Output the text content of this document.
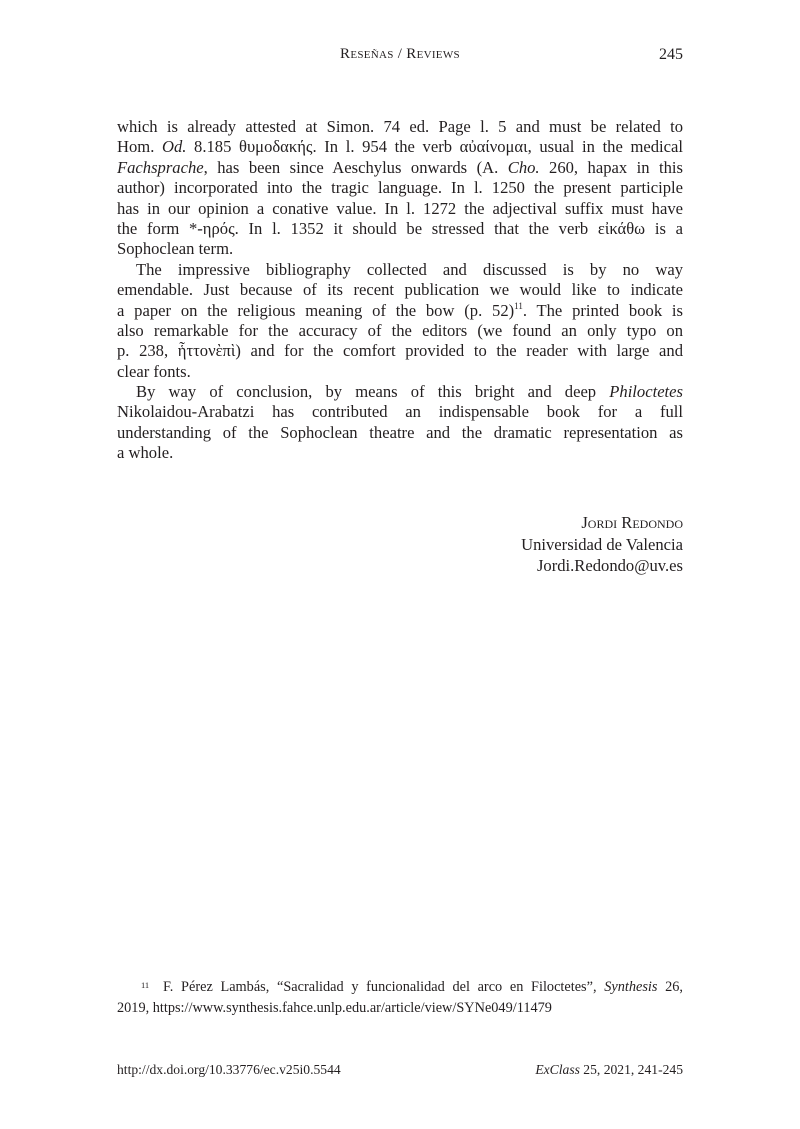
Reseñas / Reviews	245
which is already attested at Simon. 74 ed. Page l. 5 and must be related to
Hom. Od. 8.185 θυμοδακής. In l. 954 the verb αὐαίνομαι, usual in the medical
Fachsprache, has been since Aeschylus onwards (A. Cho. 260, hapax in this
author) incorporated into the tragic language. In l. 1250 the present participle
has in our opinion a conative value. In l. 1272 the adjectival suffix must have
the form *-ηρός. In l. 1352 it should be stressed that the verb εἰκάθω is a
Sophoclean term.
The impressive bibliography collected and discussed is by no way
emendable. Just because of its recent publication we would like to indicate
a paper on the religious meaning of the bow (p. 52)$^{11}$. The printed book is
also remarkable for the accuracy of the editors (we found an only typo on
p. 238, ἧττονὲπὶ) and for the comfort provided to the reader with large and
clear fonts.
By way of conclusion, by means of this bright and deep Philoctetes
Nikolaidou-Arabatzi has contributed an indispensable book for a full
understanding of the Sophoclean theatre and the dramatic representation as
a whole.
Jordi Redondo
Universidad de Valencia
Jordi.Redondo@uv.es
11 F. Pérez Lambás, “Sacralidad y funcionalidad del arco en Filoctetes”, Synthesis 26,
2019, https://www.synthesis.fahce.unlp.edu.ar/article/view/SYNe049/11479
http://dx.doi.org/10.33776/ec.v25i0.5544	ExClass 25, 2021, 241-245
